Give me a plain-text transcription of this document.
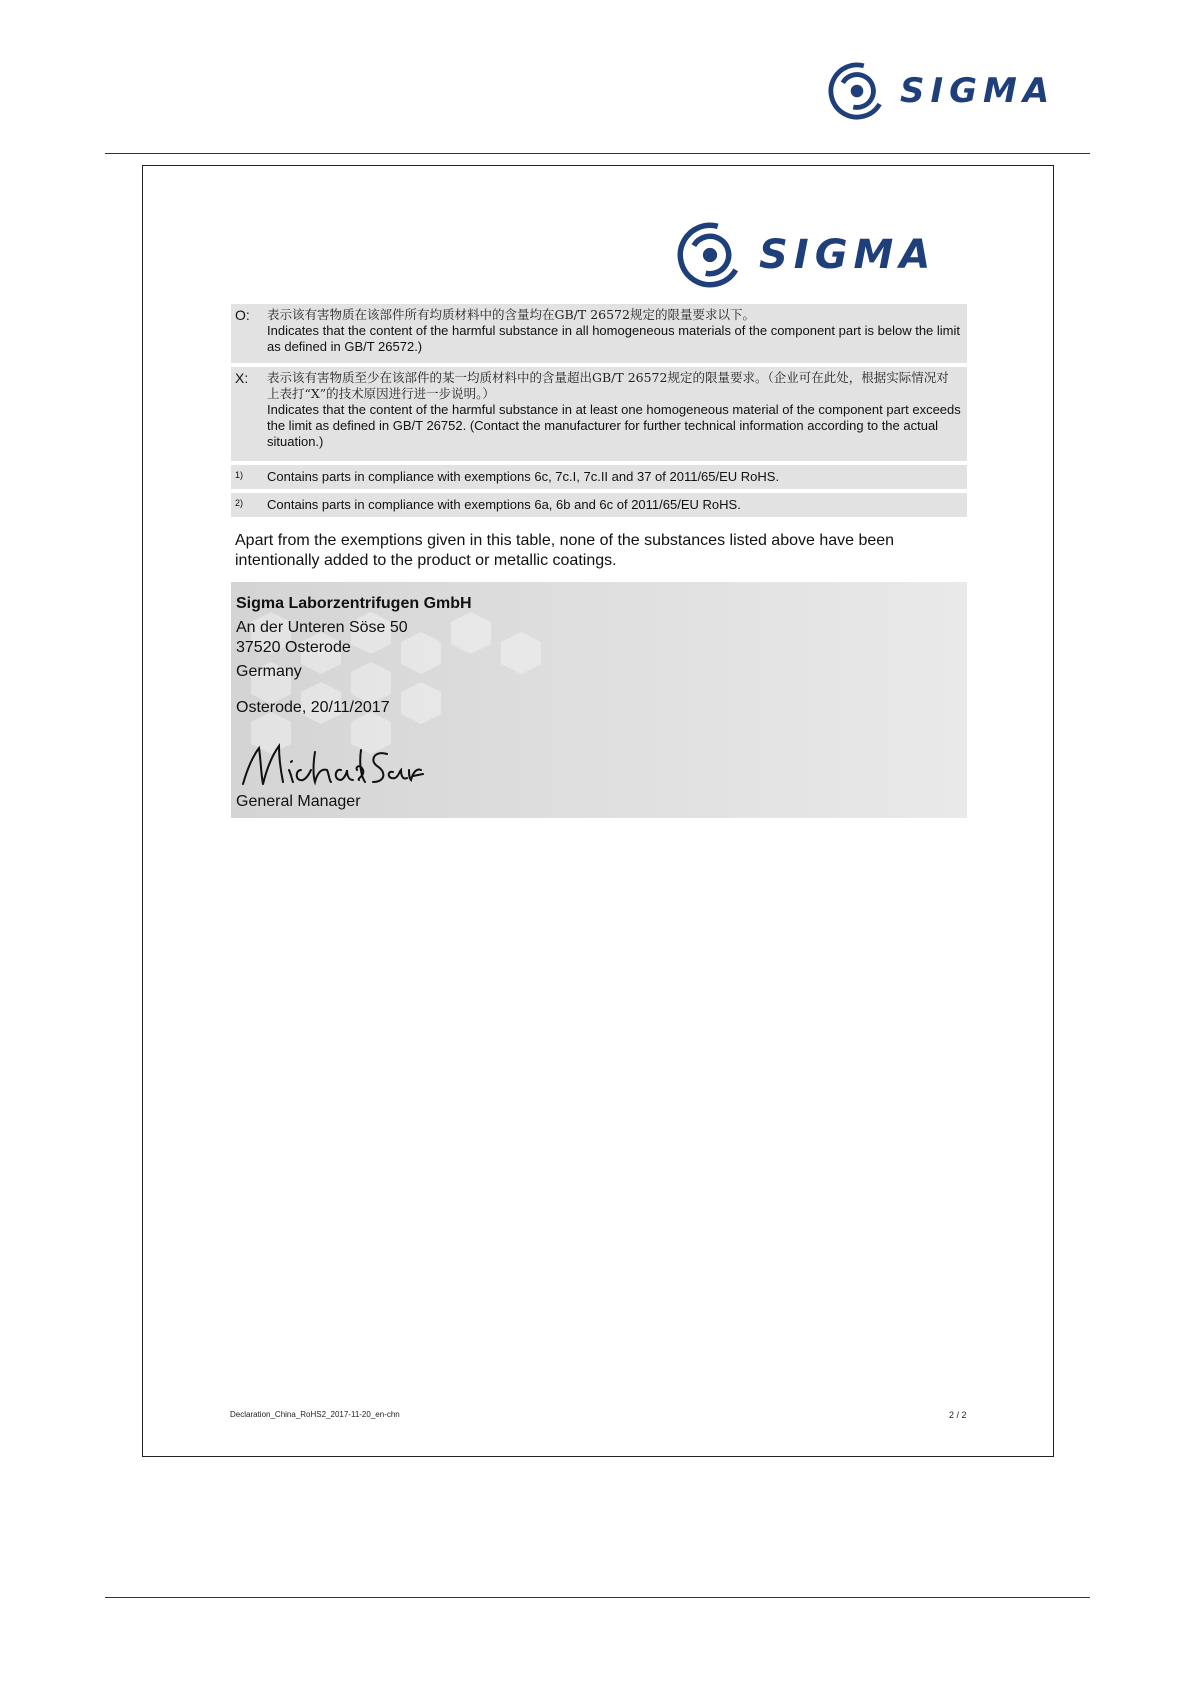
SIGMA
SIGMA
O:	表示该有害物质在该部件所有均质材料中的含量均在GB/T 26572规定的限量要求以下。
Indicates that the content of the harmful substance in all homogeneous materials of the component part is below the limit as defined in GB/T 26572.)
X:	表示该有害物质至少在该部件的某一均质材料中的含量超出GB/T 26572规定的限量要求。（企业可在此处，根据实际情况对上表打“X”的技术原因进行进一步说明。）
Indicates that the content of the harmful substance in at least one homogeneous material of the component part exceeds the limit as defined in GB/T 26752. (Contact the manufacturer for further technical information according to the actual situation.)
1)	Contains parts in compliance with exemptions 6c, 7c.I, 7c.II and 37 of 2011/65/EU RoHS.
2)	Contains parts in compliance with exemptions 6a, 6b and 6c of 2011/65/EU RoHS.
Apart from the exemptions given in this table, none of the substances listed above have been intentionally added to the product or metallic coatings.
Sigma Laborzentrifugen GmbH
An der Unteren Söse 50
37520 Osterode
Germany
Osterode, 20/11/2017
General Manager
Declaration_China_RoHS2_2017-11-20_en-chn	2 / 2
